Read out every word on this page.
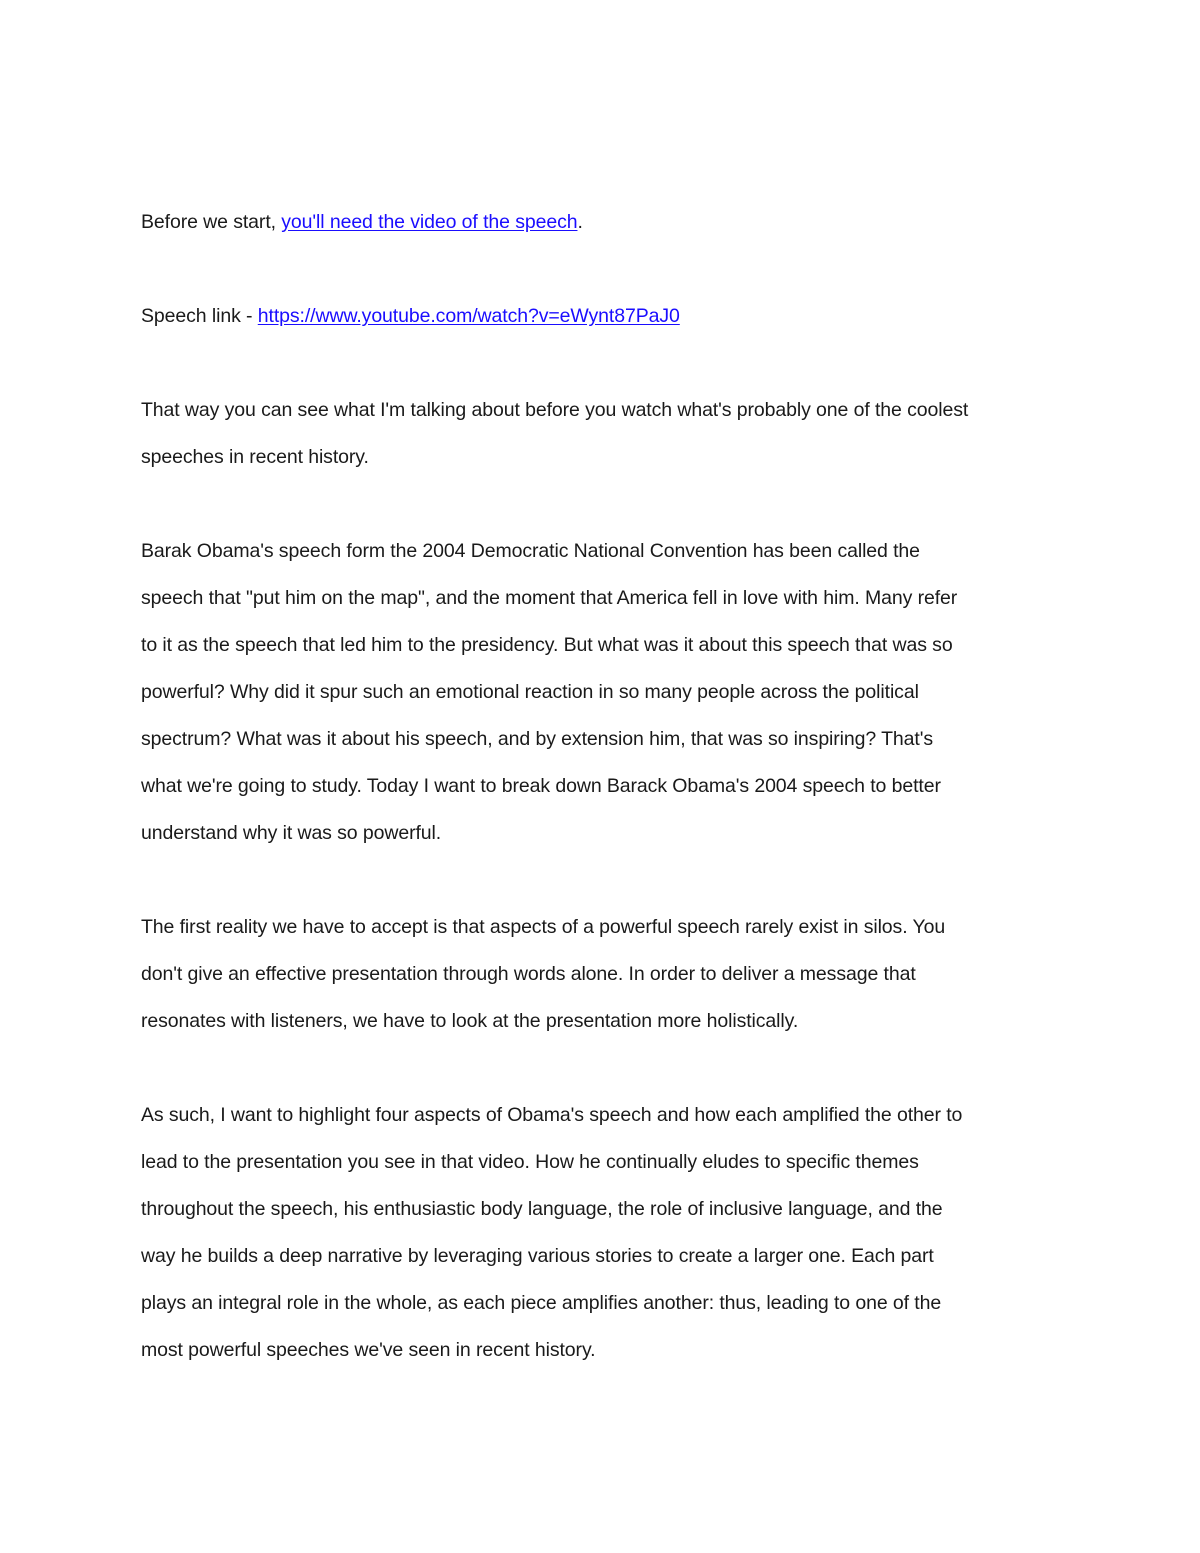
Before we start, you'll need the video of the speech.

Speech link - https://www.youtube.com/watch?v=eWynt87PaJ0

That way you can see what I'm talking about before you watch what's probably one of the coolest
speeches in recent history.

Barak Obama's speech form the 2004 Democratic National Convention has been called the
speech that "put him on the map", and the moment that America fell in love with him. Many refer
to it as the speech that led him to the presidency. But what was it about this speech that was so
powerful? Why did it spur such an emotional reaction in so many people across the political
spectrum? What was it about his speech, and by extension him, that was so inspiring? That's
what we're going to study. Today I want to break down Barack Obama's 2004 speech to better
understand why it was so powerful.

The first reality we have to accept is that aspects of a powerful speech rarely exist in silos. You
don't give an effective presentation through words alone. In order to deliver a message that
resonates with listeners, we have to look at the presentation more holistically.

As such, I want to highlight four aspects of Obama's speech and how each amplified the other to
lead to the presentation you see in that video. How he continually eludes to specific themes
throughout the speech, his enthusiastic body language, the role of inclusive language, and the
way he builds a deep narrative by leveraging various stories to create a larger one. Each part
plays an integral role in the whole, as each piece amplifies another: thus, leading to one of the
most powerful speeches we've seen in recent history.
